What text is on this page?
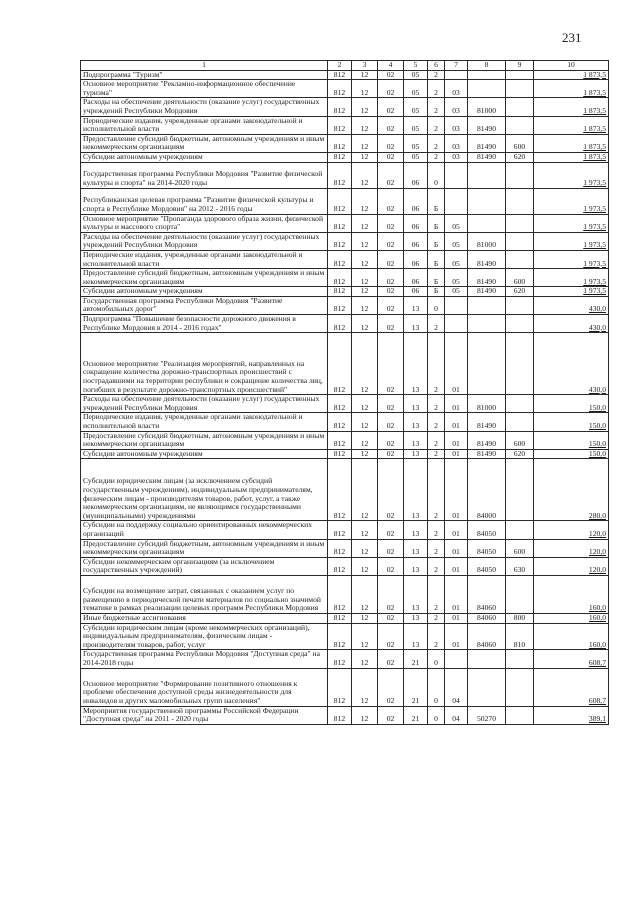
231
1	2	3	4	5	6	7	8	9	10
Подпрограмма "Туризм"	812	12	02	05	2				1 873,5
Основное мероприятие "Рекламно-информационное обеспечение туризма"	812	12	02	05	2	03			1 873,5
Расходы на обеспечение деятельности (оказание услуг) государственных учреждений Республики Мордовия	812	12	02	05	2	03	81000		1 873,5
Периодические издания, учрежденные органами законодательной и исполнительной власти	812	12	02	05	2	03	81490		1 873,5
Предоставление субсидий бюджетным, автономным учреждениям и иным некоммерческим организациям	812	12	02	05	2	03	81490	600	1 873,5
Субсидии автономным учреждениям	812	12	02	05	2	03	81490	620	1 873,5
Государственная программа Республики Мордовия "Развитие физической культуры и спорта" на 2014-2020 годы	812	12	02	06	0				1 973,5
Республиканская целевая программа "Развитие физической культуры и спорта в Республике Мордовия" на 2012 - 2016 годы	812	12	02	06	Б				1 973,5
Основное мероприятие "Пропаганда здорового образа жизни, физической культуры и массового спорта"	812	12	02	06	Б	05			1 973,5
Расходы на обеспечение деятельности (оказание услуг) государственных учреждений Республики Мордовия	812	12	02	06	Б	05	81000		1 973,5
Периодические издания, учрежденные органами законодательной и исполнительной власти	812	12	02	06	Б	05	81490		1 973,5
Предоставление субсидий бюджетным, автономным учреждениям и иным некоммерческим организациям	812	12	02	06	Б	05	81490	600	1 973,5
Субсидии автономным учреждениям	812	12	02	06	Б	05	81490	620	1 973,5
Государственная программа Республики Мордовия "Развитие автомобильных дорог"	812	12	02	13	0				430,0
Подпрограмма "Повышение безопасности дорожного движения в Республике Мордовия в 2014 - 2016 годах"	812	12	02	13	2				430,0
Основное мероприятие "Реализация мероприятий, направленных на сокращение количества дорожно-транспортных происшествий с пострадавшими на территории республики и сокращение количества лиц, погибших в результате дорожно-транспортных происшествий"	812	12	02	13	2	01			430,0
Расходы на обеспечение деятельности (оказание услуг) государственных учреждений Республики Мордовия	812	12	02	13	2	01	81000		150,0
Периодические издания, учрежденные органами законодательной и исполнительной власти	812	12	02	13	2	01	81490		150,0
Предоставление субсидий бюджетным, автономным учреждениям и иным некоммерческим организациям	812	12	02	13	2	01	81490	600	150,0
Субсидии автономным учреждениям	812	12	02	13	2	01	81490	620	150,0
Субсидии юридическим лицам (за исключением субсидий государственным учреждениям), индивидуальным предпринимателям, физическим лицам - производителям товаров, работ, услуг, а также некоммерческим организациям, не являющимся государственными (муниципальными) учреждениями	812	12	02	13	2	01	84000		280,0
Субсидии на поддержку социально ориентированных некоммерческих организаций	812	12	02	13	2	01	84050		120,0
Предоставление субсидий бюджетным, автономным учреждениям и иным некоммерческим организациям	812	12	02	13	2	01	84050	600	120,0
Субсидии некоммерческим организациям (за исключением государственных учреждений)	812	12	02	13	2	01	84050	630	120,0
Субсидии на возмещение затрат, связанных с оказанием услуг по размещению в периодической печати материалов по социально значимой тематике в рамках реализации целевых программ Республики Мордовия	812	12	02	13	2	01	84060		160,0
Иные бюджетные ассигнования	812	12	02	13	2	01	84060	800	160,0
Субсидии юридическим лицам (кроме некоммерческих организаций), индивидуальным предпринимателям, физическим лицам - производителям товаров, работ, услуг	812	12	02	13	2	01	84060	810	160,0
Государственная программа Республики Мордовия "Доступная среда" на 2014-2018 годы	812	12	02	21	0				608,7
Основное мероприятие "Формирование позитивного отношения к проблеме обеспечения доступной среды жизнедеятельности для инвалидов и других маломобильных групп населения"	812	12	02	21	0	04			608,7
Мероприятия государственной программы Российской Федерации "Доступная среда" на 2011 - 2020 годы	812	12	02	21	0	04	50270		389,1
